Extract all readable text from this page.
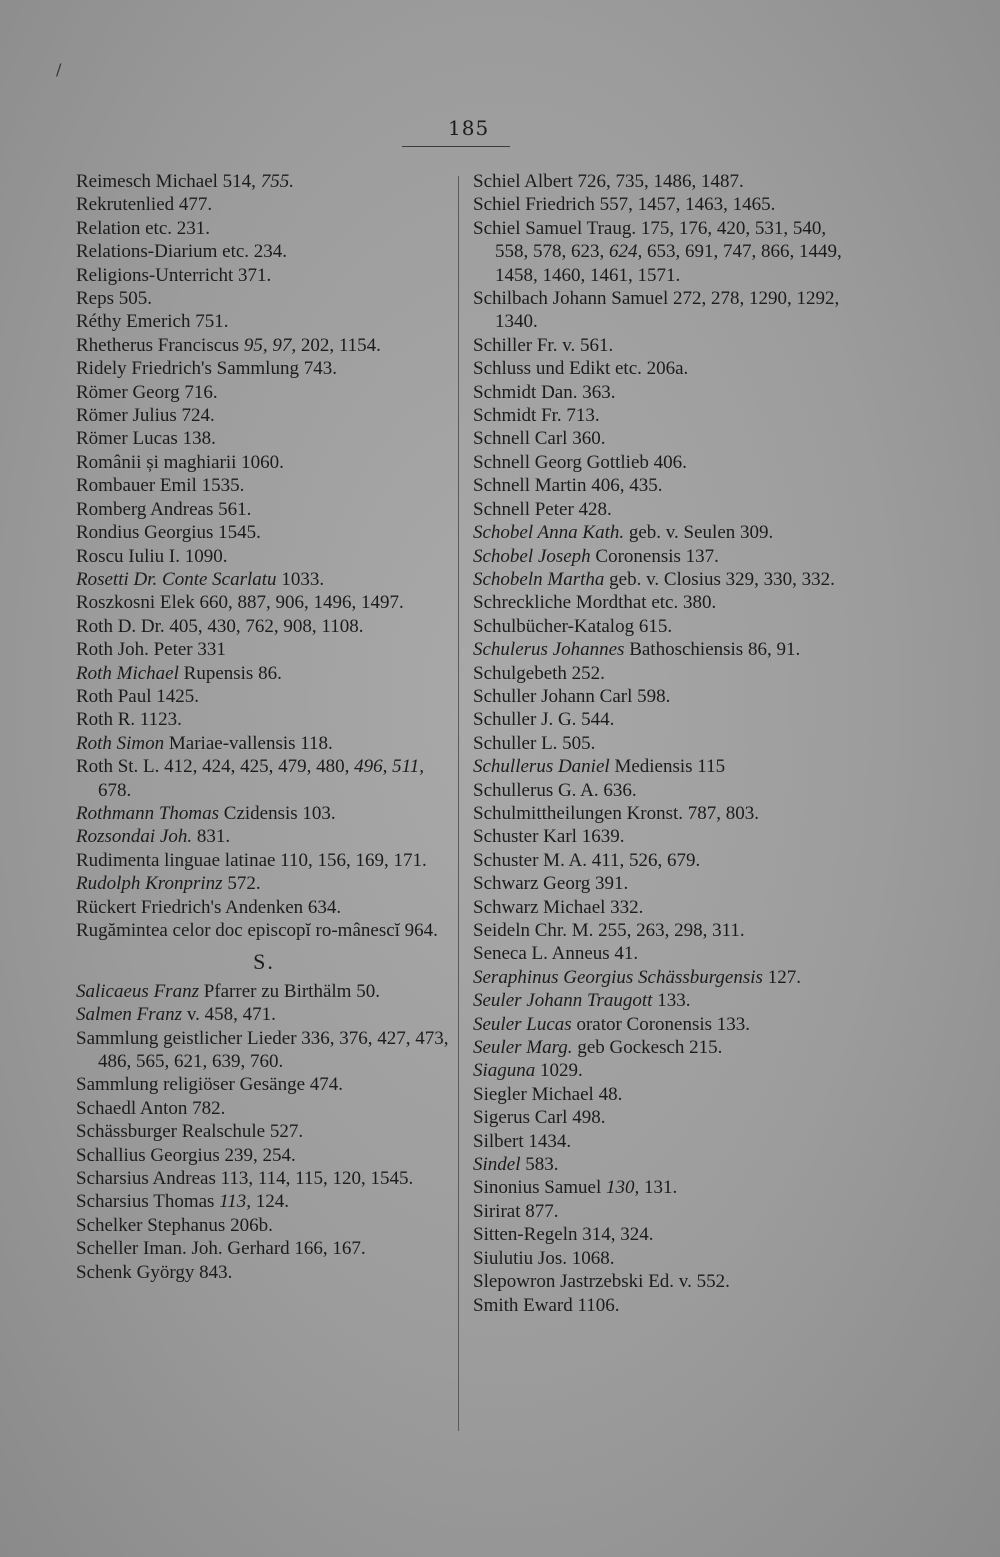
/
185

Reimesch Michael 514, 755.

Rekrutenlied 477.

Relation etc. 231.

Relations-Diarium etc. 234.

Religions-Unterricht 371.

Reps 505.

Réthy Emerich 751.

Rhetherus Franciscus 95, 97, 202, 1154.

Ridely Friedrich's Sammlung 743.

Römer Georg 716.

Römer Julius 724.

Römer Lucas 138.

Românii și maghiarii 1060.

Rombauer Emil 1535.

Romberg Andreas 561.

Rondius Georgius 1545.

Roscu Iuliu I. 1090.

Rosetti Dr. Conte Scarlatu 1033.

Roszkosni Elek 660, 887, 906, 1496, 1497.

Roth D. Dr. 405, 430, 762, 908, 1108.

Roth Joh. Peter 331

Roth Michael Rupensis 86.

Roth Paul 1425.

Roth R. 1123.

Roth Simon Mariae-vallensis 118.

Roth St. L. 412, 424, 425, 479, 480, 496, 511, 678.

Rothmann Thomas Czidensis 103.

Rozsondai Joh. 831.

Rudimenta linguae latinae 110, 156, 169, 171.

Rudolph Kronprinz 572.

Rückert Friedrich's Andenken 634.

Rugămintea celor doc episcopĭ ro-mânescĭ 964.

S.

Salicaeus Franz Pfarrer zu Birthälm 50.

Salmen Franz v. 458, 471.

Sammlung geistlicher Lieder 336, 376, 427, 473, 486, 565, 621, 639, 760.

Sammlung religiöser Gesänge 474.

Schaedl Anton 782.

Schässburger Realschule 527.

Schallius Georgius 239, 254.

Scharsius Andreas 113, 114, 115, 120, 1545.

Scharsius Thomas 113, 124.

Schelker Stephanus 206b.

Scheller Iman. Joh. Gerhard 166, 167.

Schenk György 843.

Schiel Albert 726, 735, 1486, 1487.

Schiel Friedrich 557, 1457, 1463, 1465.

Schiel Samuel Traug. 175, 176, 420, 531, 540, 558, 578, 623, 624, 653, 691, 747, 866, 1449, 1458, 1460, 1461, 1571.

Schilbach Johann Samuel 272, 278, 1290, 1292, 1340.

Schiller Fr. v. 561.

Schluss und Edikt etc. 206a.

Schmidt Dan. 363.

Schmidt Fr. 713.

Schnell Carl 360.

Schnell Georg Gottlieb 406.

Schnell Martin 406, 435.

Schnell Peter 428.

Schobel Anna Kath. geb. v. Seulen 309.

Schobel Joseph Coronensis 137.

Schobeln Martha geb. v. Closius 329, 330, 332.

Schreckliche Mordthat etc. 380.

Schulbücher-Katalog 615.

Schulerus Johannes Bathoschiensis 86, 91.

Schulgebeth 252.

Schuller Johann Carl 598.

Schuller J. G. 544.

Schuller L. 505.

Schullerus Daniel Mediensis 115

Schullerus G. A. 636.

Schulmittheilungen Kronst. 787, 803.

Schuster Karl 1639.

Schuster M. A. 411, 526, 679.

Schwarz Georg 391.

Schwarz Michael 332.

Seideln Chr. M. 255, 263, 298, 311.

Seneca L. Anneus 41.

Seraphinus Georgius Schässburgensis 127.

Seuler Johann Traugott 133.

Seuler Lucas orator Coronensis 133.

Seuler Marg. geb Gockesch 215.

Siaguna 1029.

Siegler Michael 48.

Sigerus Carl 498.

Silbert 1434.

Sindel 583.

Sinonius Samuel 130, 131.

Sirirat 877.

Sitten-Regeln 314, 324.

Siulutiu Jos. 1068.

Slepowron Jastrzebski Ed. v. 552.

Smith Eward 1106.
